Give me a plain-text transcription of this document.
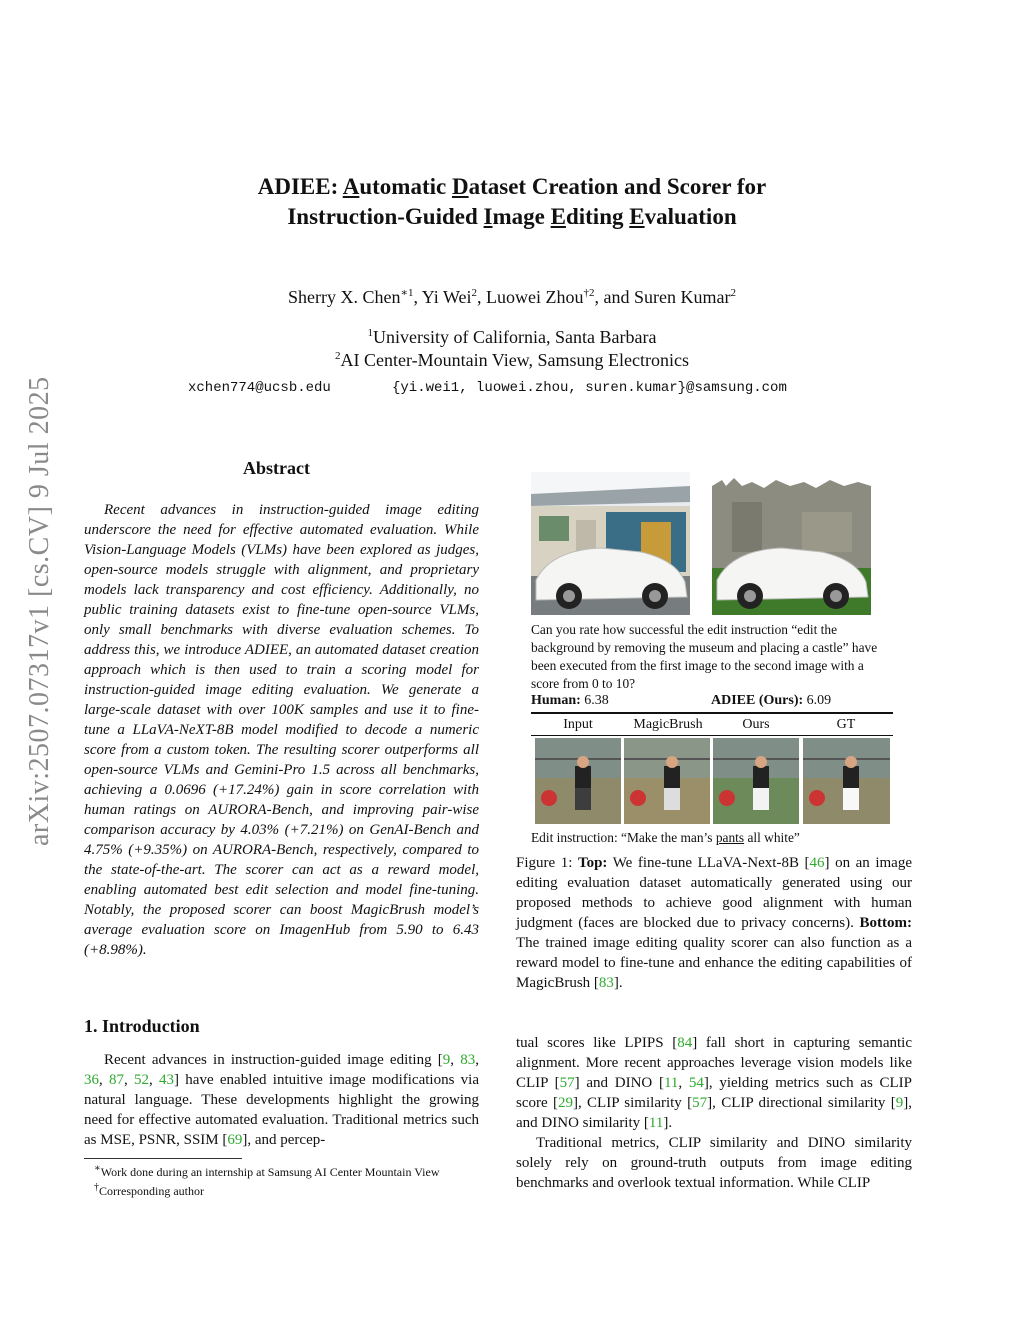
arXiv:2507.07317v1 [cs.CV] 9 Jul 2025
ADIEE: Automatic Dataset Creation and Scorer for
Instruction-Guided Image Editing Evaluation
Sherry X. Chen$^{∗1}$, Yi Wei$^2$, Luowei Zhou$^{\dagger 2}$, and Suren Kumar$^2$
$^1$University of California, Santa Barbara
$^2$AI Center-Mountain View, Samsung Electronics
xchen774@ucsb.edu	{yi.wei1, luowei.zhou, suren.kumar}@samsung.com
Abstract
Recent advances in instruction-guided image editing underscore the need for effective automated evaluation. While Vision-Language Models (VLMs) have been explored as judges, open-source models struggle with alignment, and proprietary models lack transparency and cost efficiency. Additionally, no public training datasets exist to fine-tune open-source VLMs, only small benchmarks with diverse evaluation schemes. To address this, we introduce ADIEE, an automated dataset creation approach which is then used to train a scoring model for instruction-guided image editing evaluation. We generate a large-scale dataset with over 100K samples and use it to fine-tune a LLaVA-NeXT-8B model modified to decode a numeric score from a custom token. The resulting scorer outperforms all open-source VLMs and Gemini-Pro 1.5 across all benchmarks, achieving a 0.0696 (+17.24%) gain in score correlation with human ratings on AURORA-Bench, and improving pair-wise comparison accuracy by 4.03% (+7.21%) on GenAI-Bench and 4.75% (+9.35%) on AURORA-Bench, respectively, compared to the state-of-the-art. The scorer can act as a reward model, enabling automated best edit selection and model fine-tuning. Notably, the proposed scorer can boost MagicBrush model’s average evaluation score on ImagenHub from 5.90 to 6.43 (+8.98%).
Can you rate how successful the edit instruction “edit the background by removing the museum and placing a castle” have been executed from the first image to the second image with a score from 0 to 10?
Human: 6.38	ADIEE (Ours): 6.09
Input	MagicBrush	Ours	GT
Edit instruction: “Make the man’s pants all white”
Figure 1: Top: We fine-tune LLaVA-Next-8B [46] on an image editing evaluation dataset automatically generated using our proposed methods to achieve good alignment with human judgment (faces are blocked due to privacy concerns). Bottom: The trained image editing quality scorer can also function as a reward model to fine-tune and enhance the editing capabilities of MagicBrush [83].
1. Introduction

Recent advances in instruction-guided image editing [9, 83, 36, 87, 52, 43] have enabled intuitive image modifications via natural language. These developments highlight the growing need for effective automated evaluation. Traditional metrics such as MSE, PSNR, SSIM [69], and percep-

tual scores like LPIPS [84] fall short in capturing semantic alignment. More recent approaches leverage vision models like CLIP [57] and DINO [11, 54], yielding metrics such as CLIP score [29], CLIP similarity [57], CLIP directional similarity [9], and DINO similarity [11].

Traditional metrics, CLIP similarity and DINO similarity solely rely on ground-truth outputs from image editing benchmarks and overlook textual information. While CLIP

∗Work done during an internship at Samsung AI Center Mountain View
†Corresponding author
